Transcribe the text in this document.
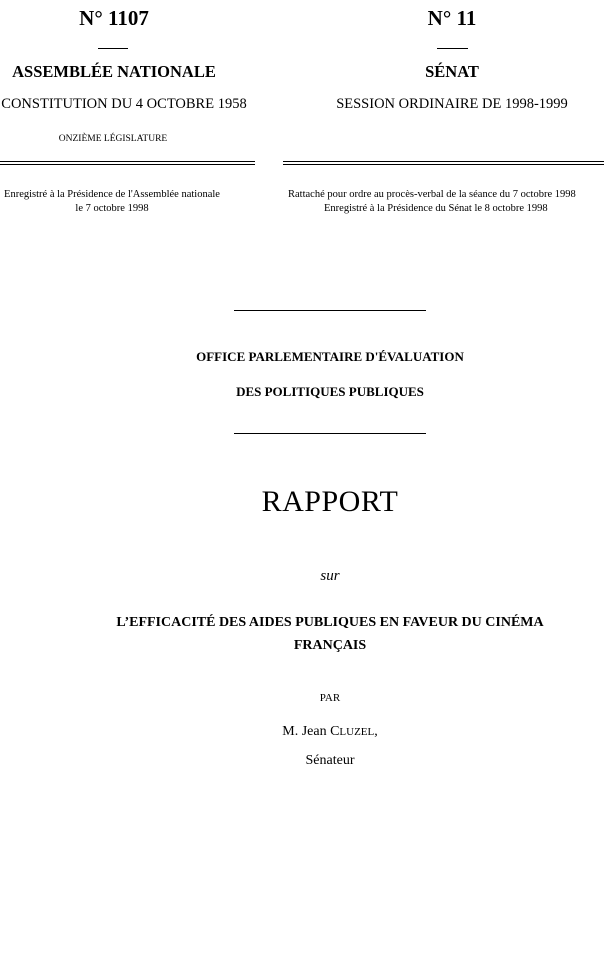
N° 1107
ASSEMBLÉE NATIONALE
CONSTITUTION DU 4 OCTOBRE 1958
ONZIÈME LÉGISLATURE
Enregistré à la Présidence de l'Assemblée nationale
le 7 octobre 1998
N° 11
SÉNAT
SESSION ORDINAIRE DE 1998-1999
Rattaché pour ordre au procès-verbal de la séance du 7 octobre 1998
Enregistré à la Présidence du Sénat le 8 octobre 1998
OFFICE PARLEMENTAIRE D'ÉVALUATION
DES POLITIQUES PUBLIQUES
RAPPORT
sur
L’EFFICACITÉ DES AIDES PUBLIQUES EN FAVEUR DU CINÉMA
FRANÇAIS
PAR
M. Jean CLUZEL,
Sénateur
